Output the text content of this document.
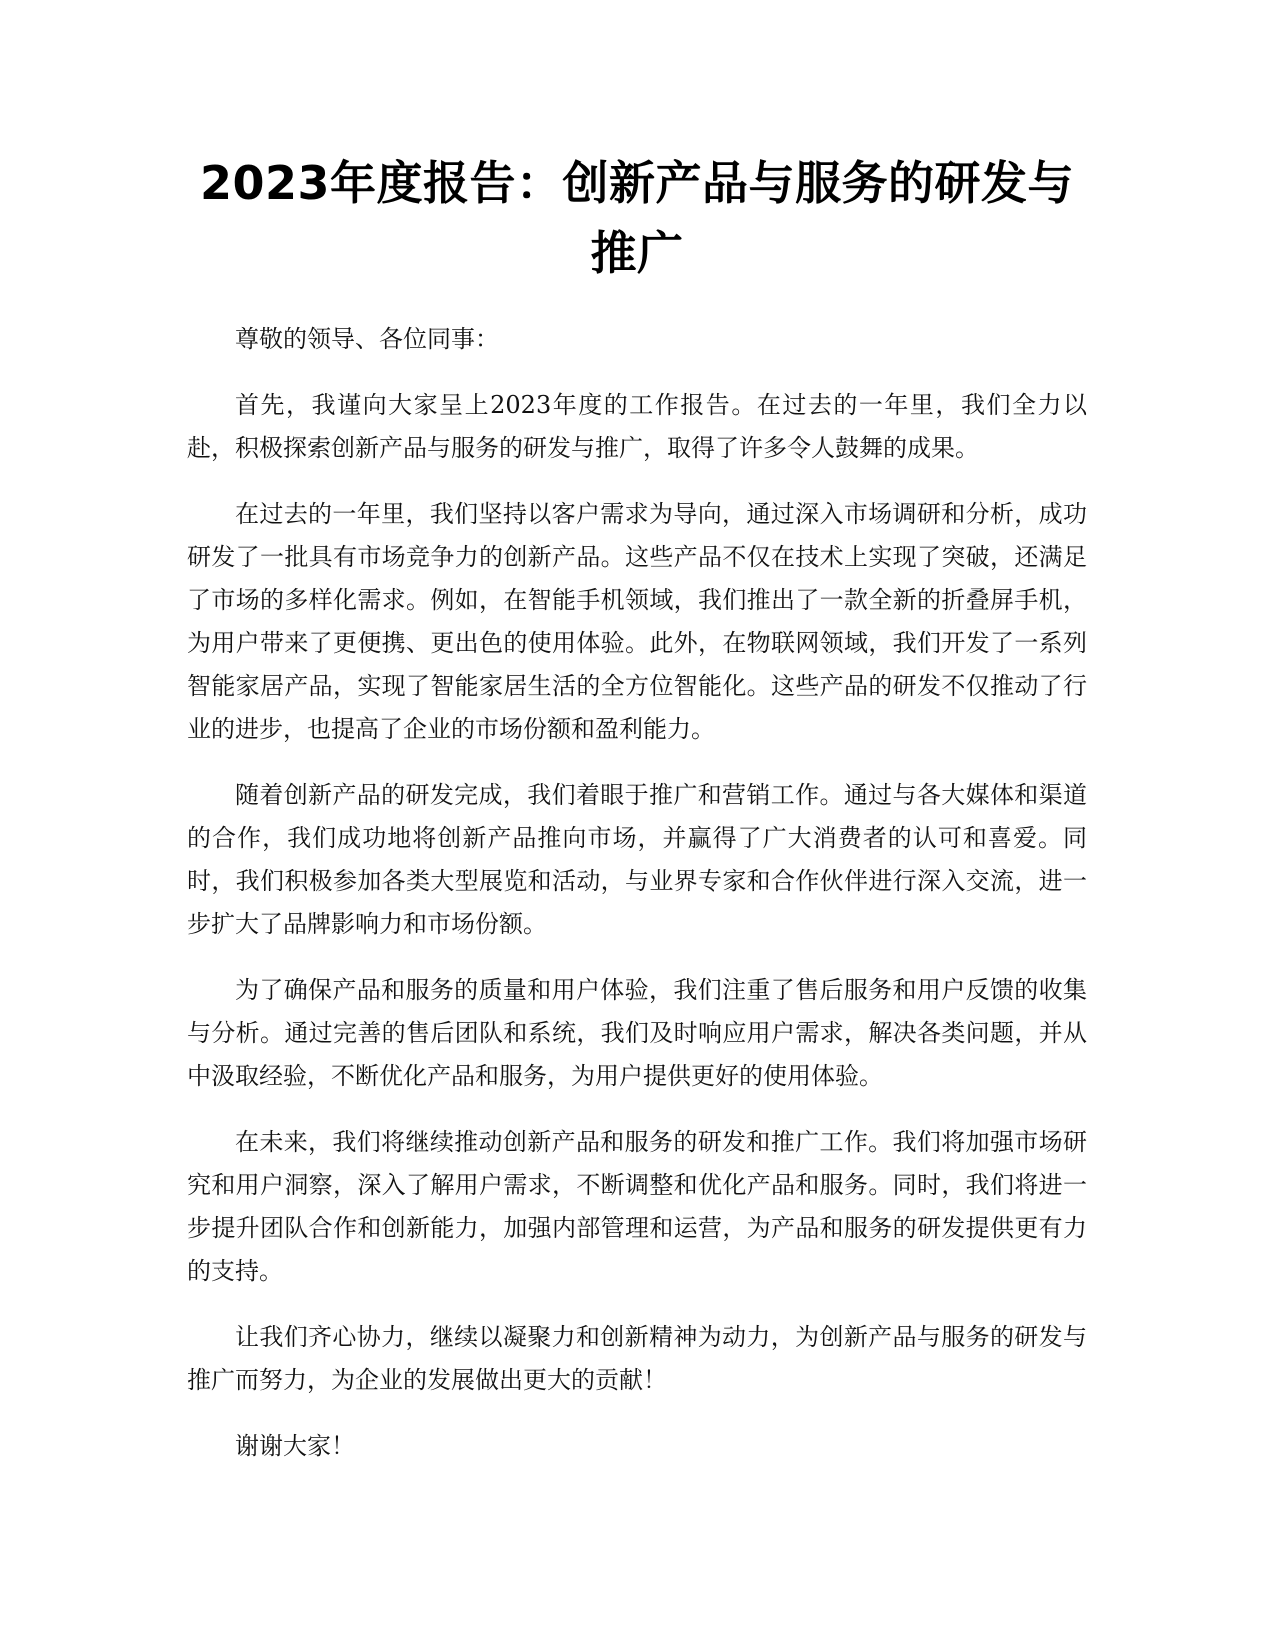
2023年度报告：创新产品与服务的研发与推广

尊敬的领导、各位同事：

首先，我谨向大家呈上2023年度的工作报告。在过去的一年里，我们全力以赴，积极探索创新产品与服务的研发与推广，取得了许多令人鼓舞的成果。

在过去的一年里，我们坚持以客户需求为导向，通过深入市场调研和分析，成功研发了一批具有市场竞争力的创新产品。这些产品不仅在技术上实现了突破，还满足了市场的多样化需求。例如，在智能手机领域，我们推出了一款全新的折叠屏手机，为用户带来了更便携、更出色的使用体验。此外，在物联网领域，我们开发了一系列智能家居产品，实现了智能家居生活的全方位智能化。这些产品的研发不仅推动了行业的进步，也提高了企业的市场份额和盈利能力。

随着创新产品的研发完成，我们着眼于推广和营销工作。通过与各大媒体和渠道的合作，我们成功地将创新产品推向市场，并赢得了广大消费者的认可和喜爱。同时，我们积极参加各类大型展览和活动，与业界专家和合作伙伴进行深入交流，进一步扩大了品牌影响力和市场份额。

为了确保产品和服务的质量和用户体验，我们注重了售后服务和用户反馈的收集与分析。通过完善的售后团队和系统，我们及时响应用户需求，解决各类问题，并从中汲取经验，不断优化产品和服务，为用户提供更好的使用体验。

在未来，我们将继续推动创新产品和服务的研发和推广工作。我们将加强市场研究和用户洞察，深入了解用户需求，不断调整和优化产品和服务。同时，我们将进一步提升团队合作和创新能力，加强内部管理和运营，为产品和服务的研发提供更有力的支持。

让我们齐心协力，继续以凝聚力和创新精神为动力，为创新产品与服务的研发与推广而努力，为企业的发展做出更大的贡献！

谢谢大家！
